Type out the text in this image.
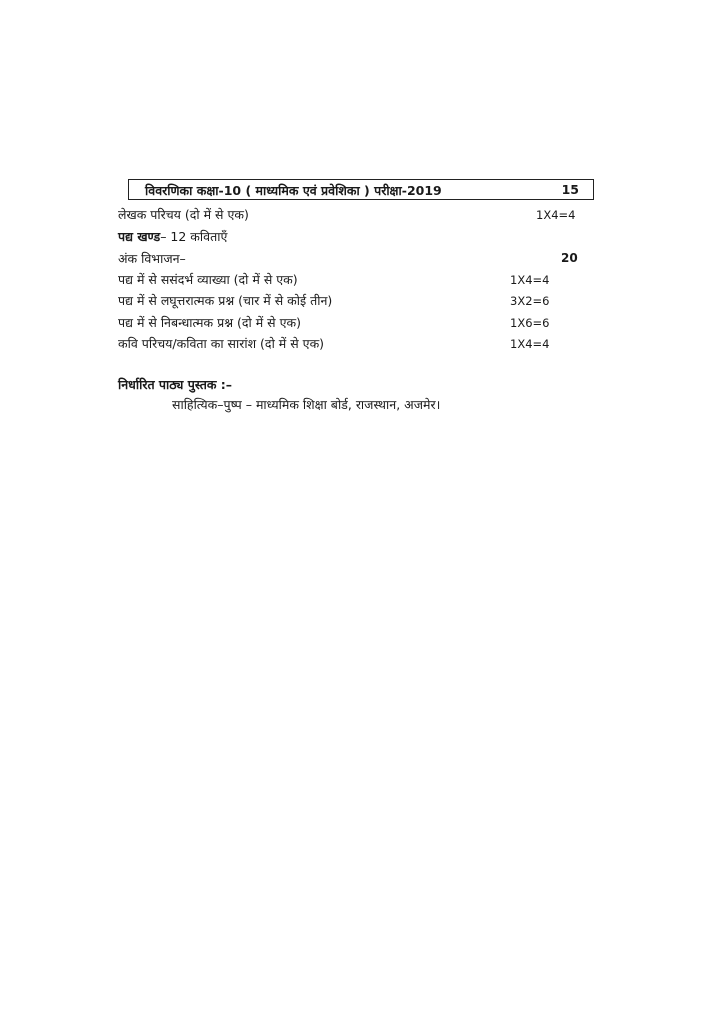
विवरणिका कक्षा-10 ( माध्यमिक एवं प्रवेशिका ) परीक्षा-2019	15
लेखक परिचय (दो में से एक)	1X4=4
पद्य खण्ड– 12 कविताएँ
अंक विभाजन–	20
पद्य में से ससंदर्भ व्याख्या (दो में से एक)	1X4=4
पद्य में से लघूत्तरात्मक प्रश्न (चार में से कोई तीन)	3X2=6
पद्य में से निबन्धात्मक प्रश्न (दो में से एक)	1X6=6
कवि परिचय/कविता का सारांश (दो में से एक)	1X4=4
निर्धारित पाठ्य पुस्तक :–
साहित्यिक–पुष्प – माध्यमिक शिक्षा बोर्ड, राजस्थान, अजमेर।
